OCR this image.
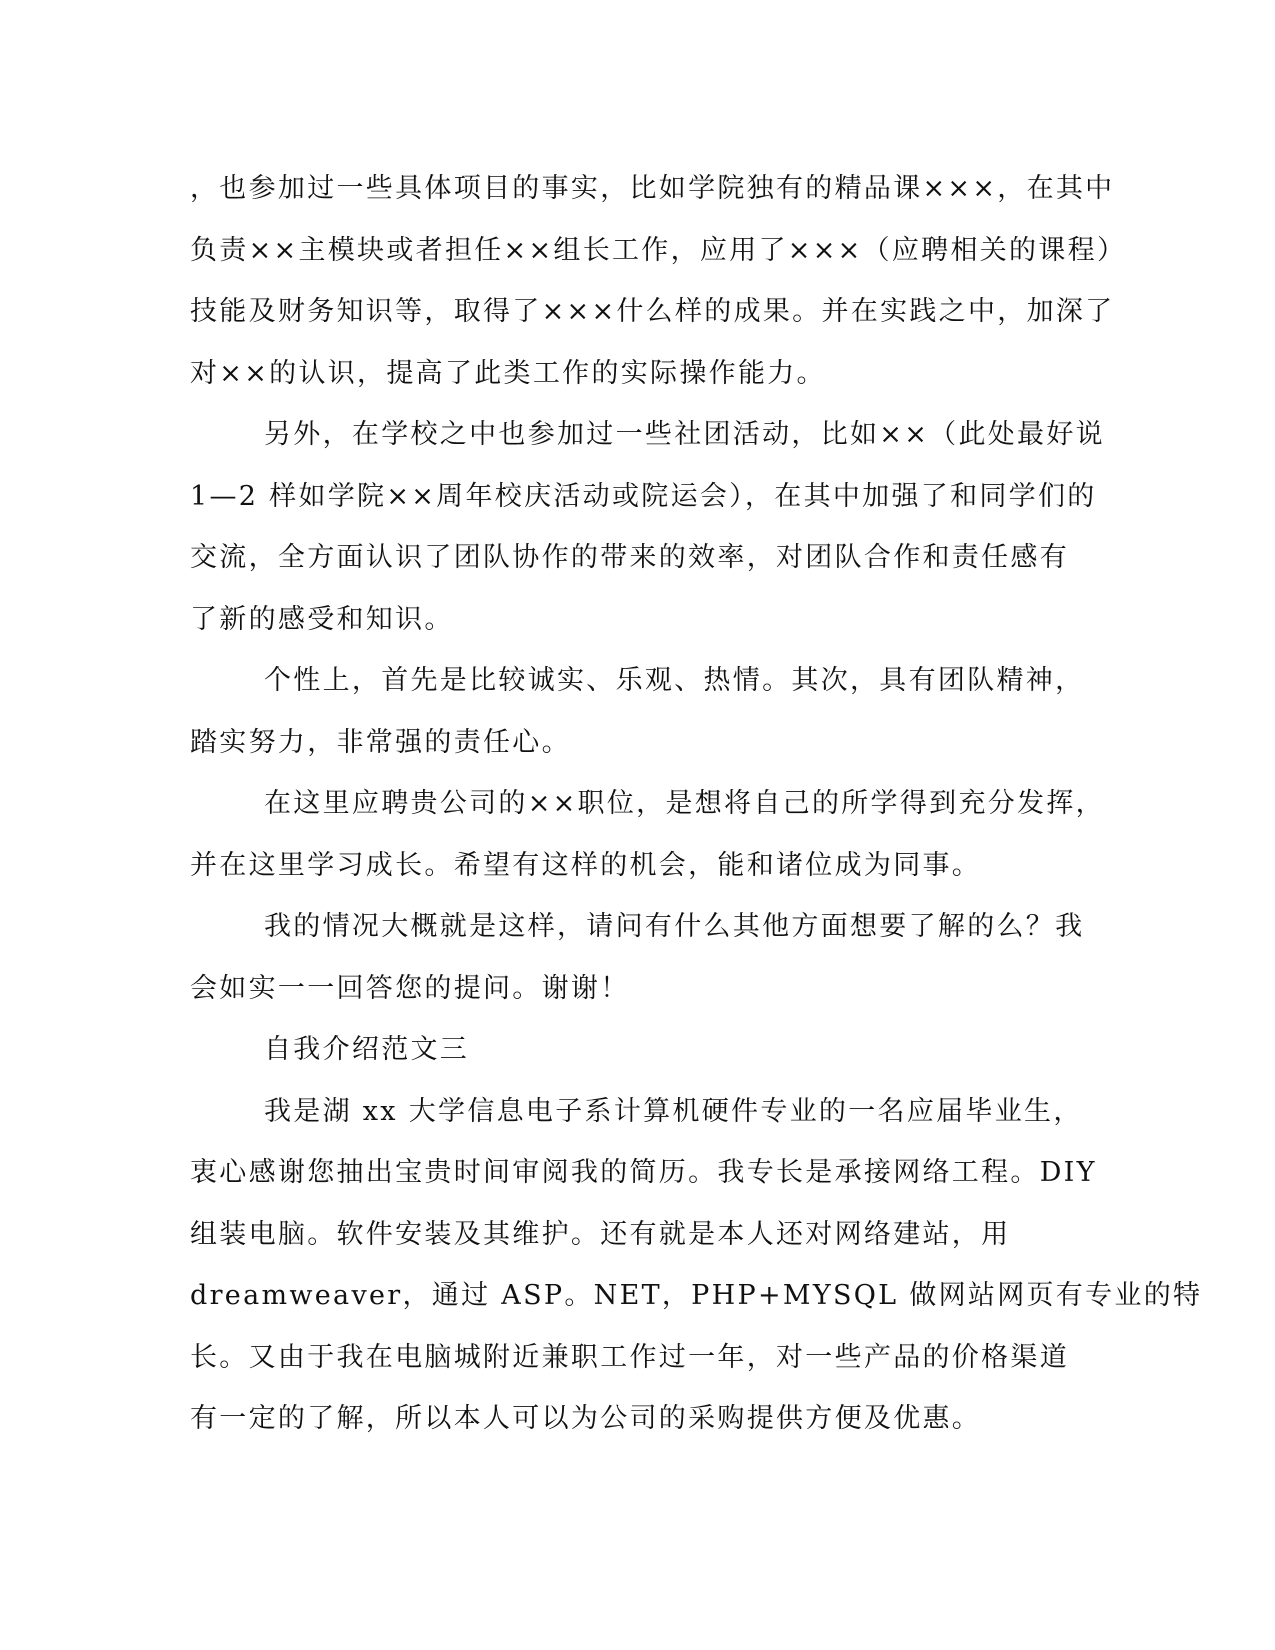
，也参加过一些具体项目的事实，比如学院独有的精品课×××，在其中
负责××主模块或者担任××组长工作，应用了×××（应聘相关的课程）
技能及财务知识等，取得了×××什么样的成果。并在实践之中，加深了
对××的认识，提高了此类工作的实际操作能力。

另外，在学校之中也参加过一些社团活动，比如××（此处最好说
1—2 样如学院××周年校庆活动或院运会），在其中加强了和同学们的
交流，全方面认识了团队协作的带来的效率，对团队合作和责任感有
了新的感受和知识。

个性上，首先是比较诚实、乐观、热情。其次，具有团队精神，
踏实努力，非常强的责任心。

在这里应聘贵公司的××职位，是想将自己的所学得到充分发挥，
并在这里学习成长。希望有这样的机会，能和诸位成为同事。

我的情况大概就是这样，请问有什么其他方面想要了解的么？我
会如实一一回答您的提问。谢谢！

自我介绍范文三

我是湖 xx 大学信息电子系计算机硬件专业的一名应届毕业生，
衷心感谢您抽出宝贵时间审阅我的简历。我专长是承接网络工程。DIY
组装电脑。软件安装及其维护。还有就是本人还对网络建站，用
dreamweaver，通过 ASP。NET，PHP+MYSQL 做网站网页有专业的特
长。又由于我在电脑城附近兼职工作过一年，对一些产品的价格渠道
有一定的了解，所以本人可以为公司的采购提供方便及优惠。
